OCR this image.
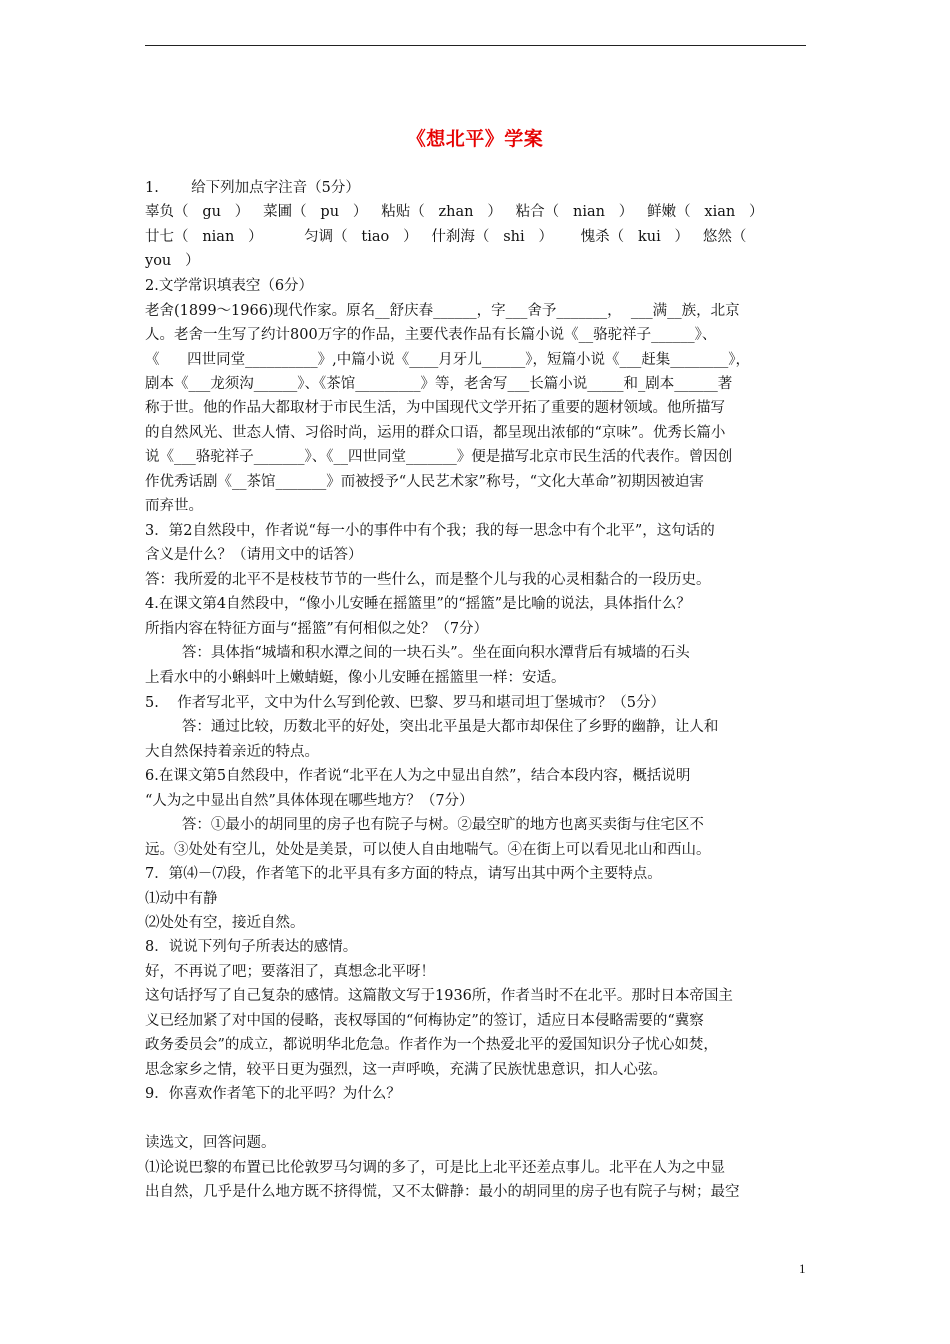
《想北平》学案
1.       给下列加点字注音（5分）
辜负（   gu   ）   菜圃（   pu   ）   粘贴（   zhan   ）   粘合（   nian   ）   鲜嫩（   xian   ）
廿七（   nian   ）         匀调（   tiao   ）   什刹海（   shi   ）      愧杀（   kui   ）   悠然（
you   ）
2.文学常识填表空（6分）
老舍(1899～1966)现代作家。原名__舒庆春______，字___舍予_______，  ___满__族，北京
人。老舍一生写了约计800万字的作品，主要代表作品有长篇小说《__骆驼祥子______》、
《      四世同堂__________》,中篇小说《____月牙儿______》，短篇小说《___赶集________》，
剧本《___龙须沟______》、《茶馆_________》等，老舍写___长篇小说_____和_剧本______著
称于世。他的作品大都取材于市民生活，为中国现代文学开拓了重要的题材领域。他所描写
的自然风光、世态人情、习俗时尚，运用的群众口语，都呈现出浓郁的“京味”。优秀长篇小
说《___骆驼祥子_______》、《__四世同堂_______》便是描写北京市民生活的代表作。曾因创
作优秀话剧《__茶馆_______》而被授予“人民艺术家”称号，“文化大革命”初期因被迫害
而弃世。
3．第2自然段中，作者说“每一小的事件中有个我；我的每一思念中有个北平”，这句话的
含义是什么？（请用文中的话答）
答：我所爱的北平不是枝枝节节的一些什么，而是整个儿与我的心灵相黏合的一段历史。
4.在课文第4自然段中，“像小儿安睡在摇篮里”的“摇篮”是比喻的说法，具体指什么？
所指内容在特征方面与“摇篮”有何相似之处？（7分）
答：具体指“城墙和积水潭之间的一块石头”。坐在面向积水潭背后有城墙的石头
上看水中的小蝌蚪叶上嫩蜻蜓，像小儿安睡在摇篮里一样：安适。
5.    作者写北平，文中为什么写到伦敦、巴黎、罗马和堪司坦丁堡城市？（5分）
答：通过比较，历数北平的好处，突出北平虽是大都市却保住了乡野的幽静，让人和
大自然保持着亲近的特点。
6.在课文第5自然段中，作者说“北平在人为之中显出自然”，结合本段内容，概括说明
“人为之中显出自然”具体体现在哪些地方？（7分）
答：①最小的胡同里的房子也有院子与树。②最空旷的地方也离买卖街与住宅区不
远。③处处有空儿，处处是美景，可以使人自由地喘气。④在街上可以看见北山和西山。
7．第⑷－⑺段，作者笔下的北平具有多方面的特点，请写出其中两个主要特点。
⑴动中有静
⑵处处有空，接近自然。
8．说说下列句子所表达的感情。
好，不再说了吧；要落泪了，真想念北平呀！
这句话抒写了自己复杂的感情。这篇散文写于1936所，作者当时不在北平。那时日本帝国主
义已经加紧了对中国的侵略，丧权辱国的“何梅协定”的签订，适应日本侵略需要的“冀察
政务委员会”的成立，都说明华北危急。作者作为一个热爱北平的爱国知识分子忧心如焚，
思念家乡之情，较平日更为强烈，这一声呼唤，充满了民族忧患意识，扣人心弦。
9．你喜欢作者笔下的北平吗？为什么？
读选文，回答问题。
⑴论说巴黎的布置已比伦敦罗马匀调的多了，可是比上北平还差点事儿。北平在人为之中显
出自然，几乎是什么地方既不挤得慌，又不太僻静：最小的胡同里的房子也有院子与树；最空
1
